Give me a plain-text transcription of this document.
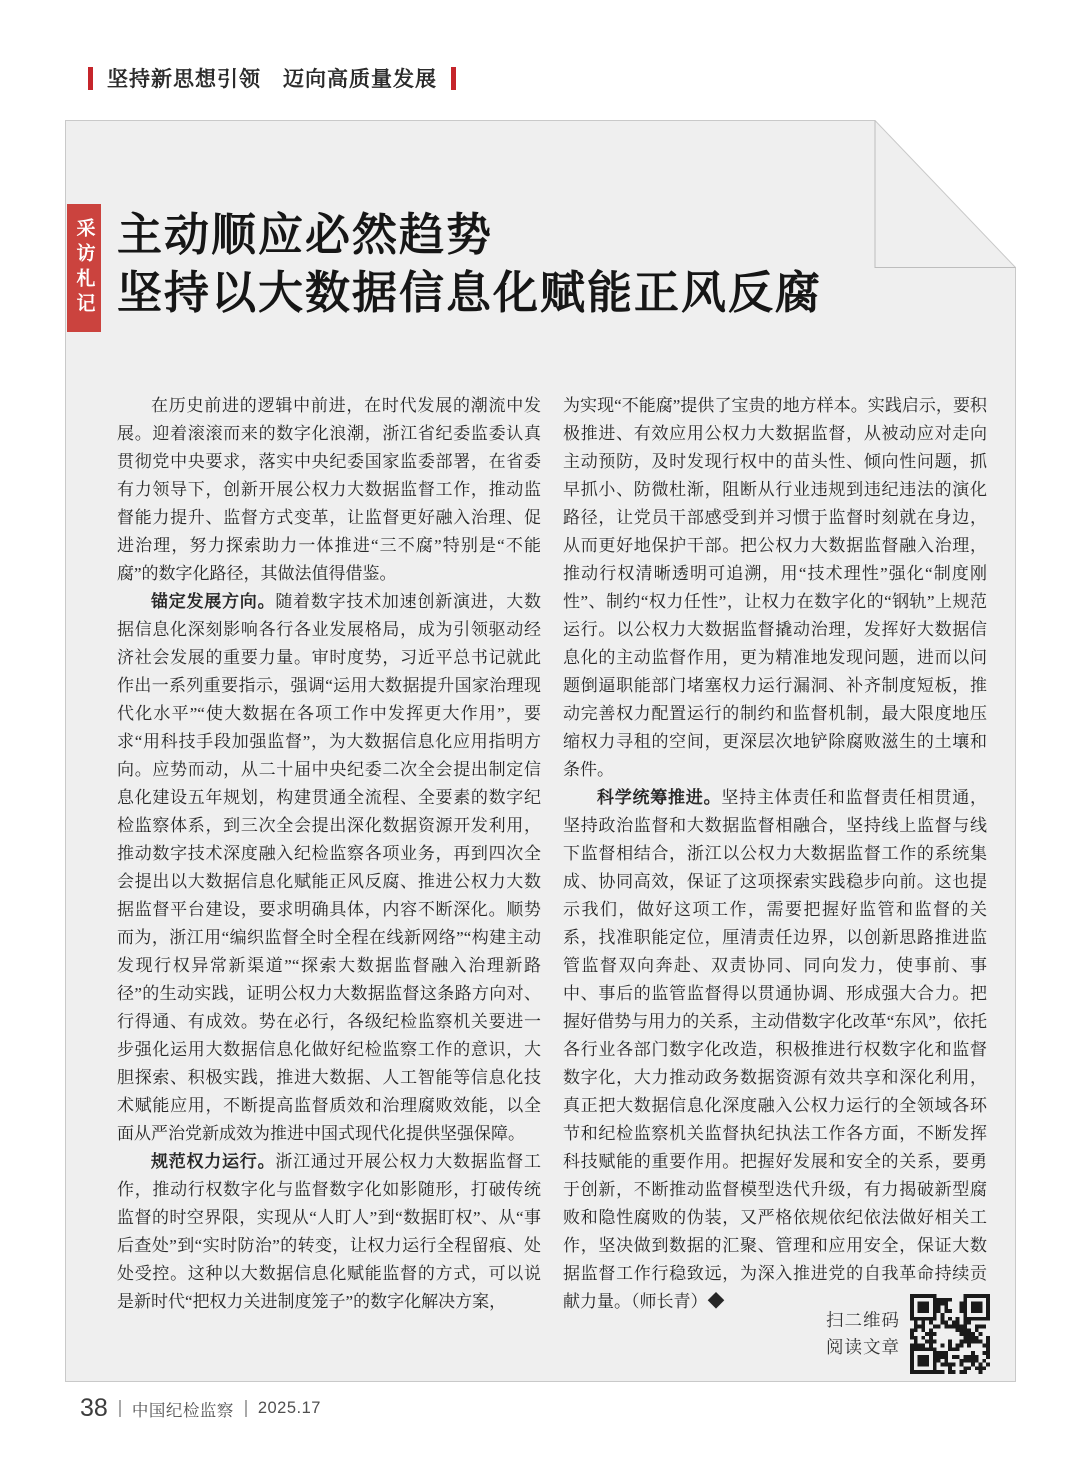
坚持新思想引领　迈向高质量发展
采访札记 主动顺应必然趋势
坚持以大数据信息化赋能正风反腐

在历史前进的逻辑中前进，在时代发展的潮流中发展。迎着滚滚而来的数字化浪潮，浙江省纪委监委认真贯彻党中央要求，落实中央纪委国家监委部署，在省委有力领导下，创新开展公权力大数据监督工作，推动监督能力提升、监督方式变革，让监督更好融入治理、促进治理，努力探索助力一体推进“三不腐”特别是“不能腐”的数字化路径，其做法值得借鉴。

锚定发展方向。随着数字技术加速创新演进，大数据信息化深刻影响各行各业发展格局，成为引领驱动经济社会发展的重要力量。审时度势，习近平总书记就此作出一系列重要指示，强调“运用大数据提升国家治理现代化水平”“使大数据在各项工作中发挥更大作用”，要求“用科技手段加强监督”，为大数据信息化应用指明方向。应势而动，从二十届中央纪委二次全会提出制定信息化建设五年规划，构建贯通全流程、全要素的数字纪检监察体系，到三次全会提出深化数据资源开发利用，推动数字技术深度融入纪检监察各项业务，再到四次全会提出以大数据信息化赋能正风反腐、推进公权力大数据监督平台建设，要求明确具体，内容不断深化。顺势而为，浙江用“编织监督全时全程在线新网络”“构建主动发现行权异常新渠道”“探索大数据监督融入治理新路径”的生动实践，证明公权力大数据监督这条路方向对、行得通、有成效。势在必行，各级纪检监察机关要进一步强化运用大数据信息化做好纪检监察工作的意识，大胆探索、积极实践，推进大数据、人工智能等信息化技术赋能应用，不断提高监督质效和治理腐败效能，以全面从严治党新成效为推进中国式现代化提供坚强保障。

规范权力运行。浙江通过开展公权力大数据监督工作，推动行权数字化与监督数字化如影随形，打破传统监督的时空界限，实现从“人盯人”到“数据盯权”、从“事后查处”到“实时防治”的转变，让权力运行全程留痕、处处受控。这种以大数据信息化赋能监督的方式，可以说是新时代“把权力关进制度笼子”的数字化解决方案，

为实现“不能腐”提供了宝贵的地方样本。实践启示，要积极推进、有效应用公权力大数据监督，从被动应对走向主动预防，及时发现行权中的苗头性、倾向性问题，抓早抓小、防微杜渐，阻断从行业违规到违纪违法的演化路径，让党员干部感受到并习惯于监督时刻就在身边，从而更好地保护干部。把公权力大数据监督融入治理，推动行权清晰透明可追溯，用“技术理性”强化“制度刚性”、制约“权力任性”，让权力在数字化的“钢轨”上规范运行。以公权力大数据监督撬动治理，发挥好大数据信息化的主动监督作用，更为精准地发现问题，进而以问题倒逼职能部门堵塞权力运行漏洞、补齐制度短板，推动完善权力配置运行的制约和监督机制，最大限度地压缩权力寻租的空间，更深层次地铲除腐败滋生的土壤和条件。

科学统筹推进。坚持主体责任和监督责任相贯通，坚持政治监督和大数据监督相融合，坚持线上监督与线下监督相结合，浙江以公权力大数据监督工作的系统集成、协同高效，保证了这项探索实践稳步向前。这也提示我们，做好这项工作，需要把握好监管和监督的关系，找准职能定位，厘清责任边界，以创新思路推进监管监督双向奔赴、双责协同、同向发力，使事前、事中、事后的监管监督得以贯通协调、形成强大合力。把握好借势与用力的关系，主动借数字化改革“东风”，依托各行业各部门数字化改造，积极推进行权数字化和监督数字化，大力推动政务数据资源有效共享和深化利用，真正把大数据信息化深度融入公权力运行的全领域各环节和纪检监察机关监督执纪执法工作各方面，不断发挥科技赋能的重要作用。把握好发展和安全的关系，要勇于创新，不断推动监督模型迭代升级，有力揭破新型腐败和隐性腐败的伪装，又严格依规依纪依法做好相关工作，坚决做到数据的汇聚、管理和应用安全，保证大数据监督工作行稳致远，为深入推进党的自我革命持续贡献力量。（师长青）◆

扫二维码
阅读文章
38 中国纪检监察 2025.17
